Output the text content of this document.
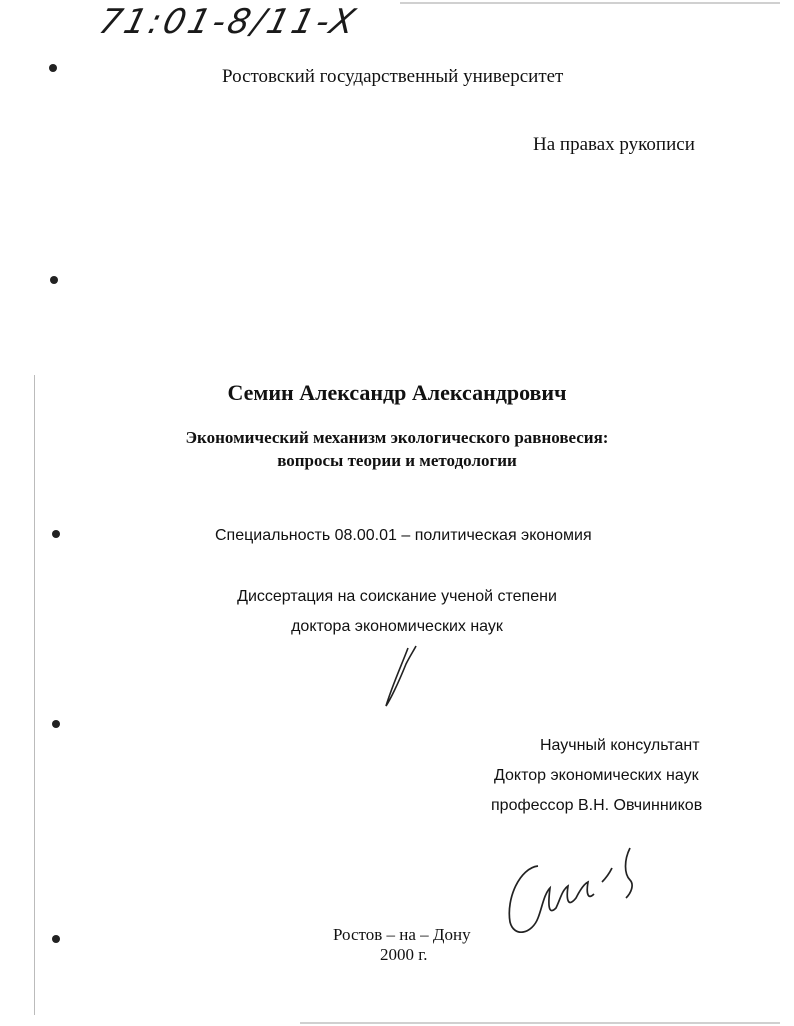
71:01-8/11-X
Ростовский государственный университет
На правах рукописи
Семин Александр Александрович
Экономический механизм экологического равновесия:
вопросы теории и методологии
Специальность 08.00.01 – политическая экономия
Диссертация на соискание ученой степени
доктора экономических наук
Научный консультант
Доктор экономических наук
профессор В.Н. Овчинников
Ростов – на – Дону
2000 г.
